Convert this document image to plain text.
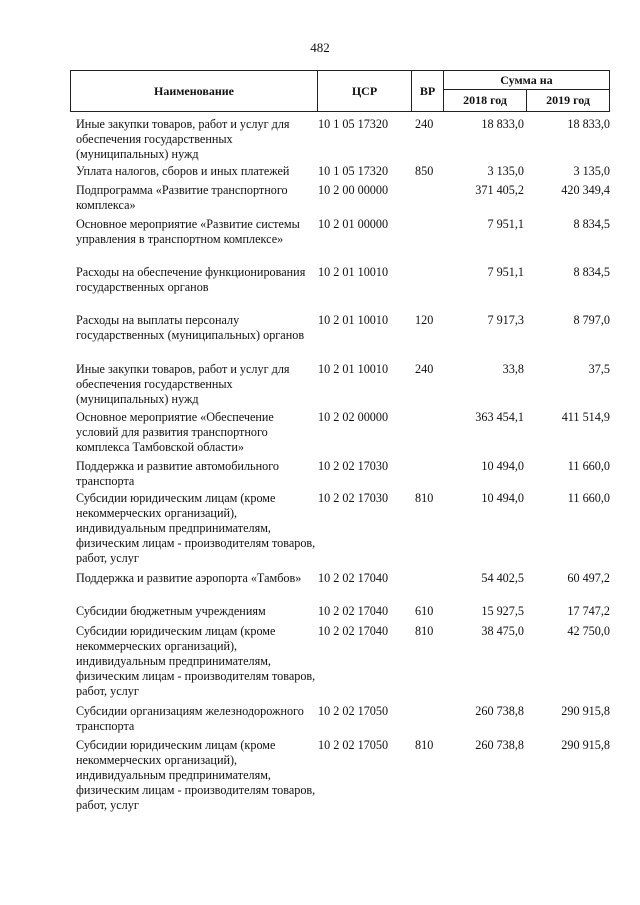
482
Наименование	ЦСР	ВР
Сумма на
2018 год	2019 год
Иные закупки товаров, работ и услуг для обеспечения государственных (муниципальных) нужд
10 1 05 17320	240	18 833,0	18 833,0
Уплата налогов, сборов и иных платежей	10 1 05 17320	850	3 135,0	3 135,0
Подпрограмма «Развитие транспортного комплекса»
10 2 00 00000	371 405,2	420 349,4
Основное мероприятие «Развитие системы управления в транспортном комплексе»
10 2 01 00000	7 951,1	8 834,5
Расходы на обеспечение функционирования государственных органов
10 2 01 10010	7 951,1	8 834,5
Расходы на выплаты персоналу государственных (муниципальных) органов
10 2 01 10010	120	7 917,3	8 797,0
Иные закупки товаров, работ и услуг для обеспечения государственных (муниципальных) нужд
10 2 01 10010	240	33,8	37,5
Основное мероприятие «Обеспечение условий для развития транспортного комплекса Тамбовской области»
10 2 02 00000	363 454,1	411 514,9
Поддержка и развитие автомобильного транспорта
10 2 02 17030	10 494,0	11 660,0
Субсидии юридическим лицам (кроме некоммерческих организаций), индивидуальным предпринимателям, физическим лицам - производителям товаров, работ, услуг
10 2 02 17030	810	10 494,0	11 660,0
Поддержка и развитие аэропорта «Тамбов»	10 2 02 17040	54 402,5	60 497,2
Субсидии бюджетным учреждениям	10 2 02 17040	610	15 927,5	17 747,2
Субсидии юридическим лицам (кроме некоммерческих организаций), индивидуальным предпринимателям, физическим лицам - производителям товаров, работ, услуг
10 2 02 17040	810	38 475,0	42 750,0
Субсидии организациям железнодорожного транспорта
10 2 02 17050	260 738,8	290 915,8
Субсидии юридическим лицам (кроме некоммерческих организаций), индивидуальным предпринимателям, физическим лицам - производителям товаров, работ, услуг
10 2 02 17050	810	260 738,8	290 915,8
